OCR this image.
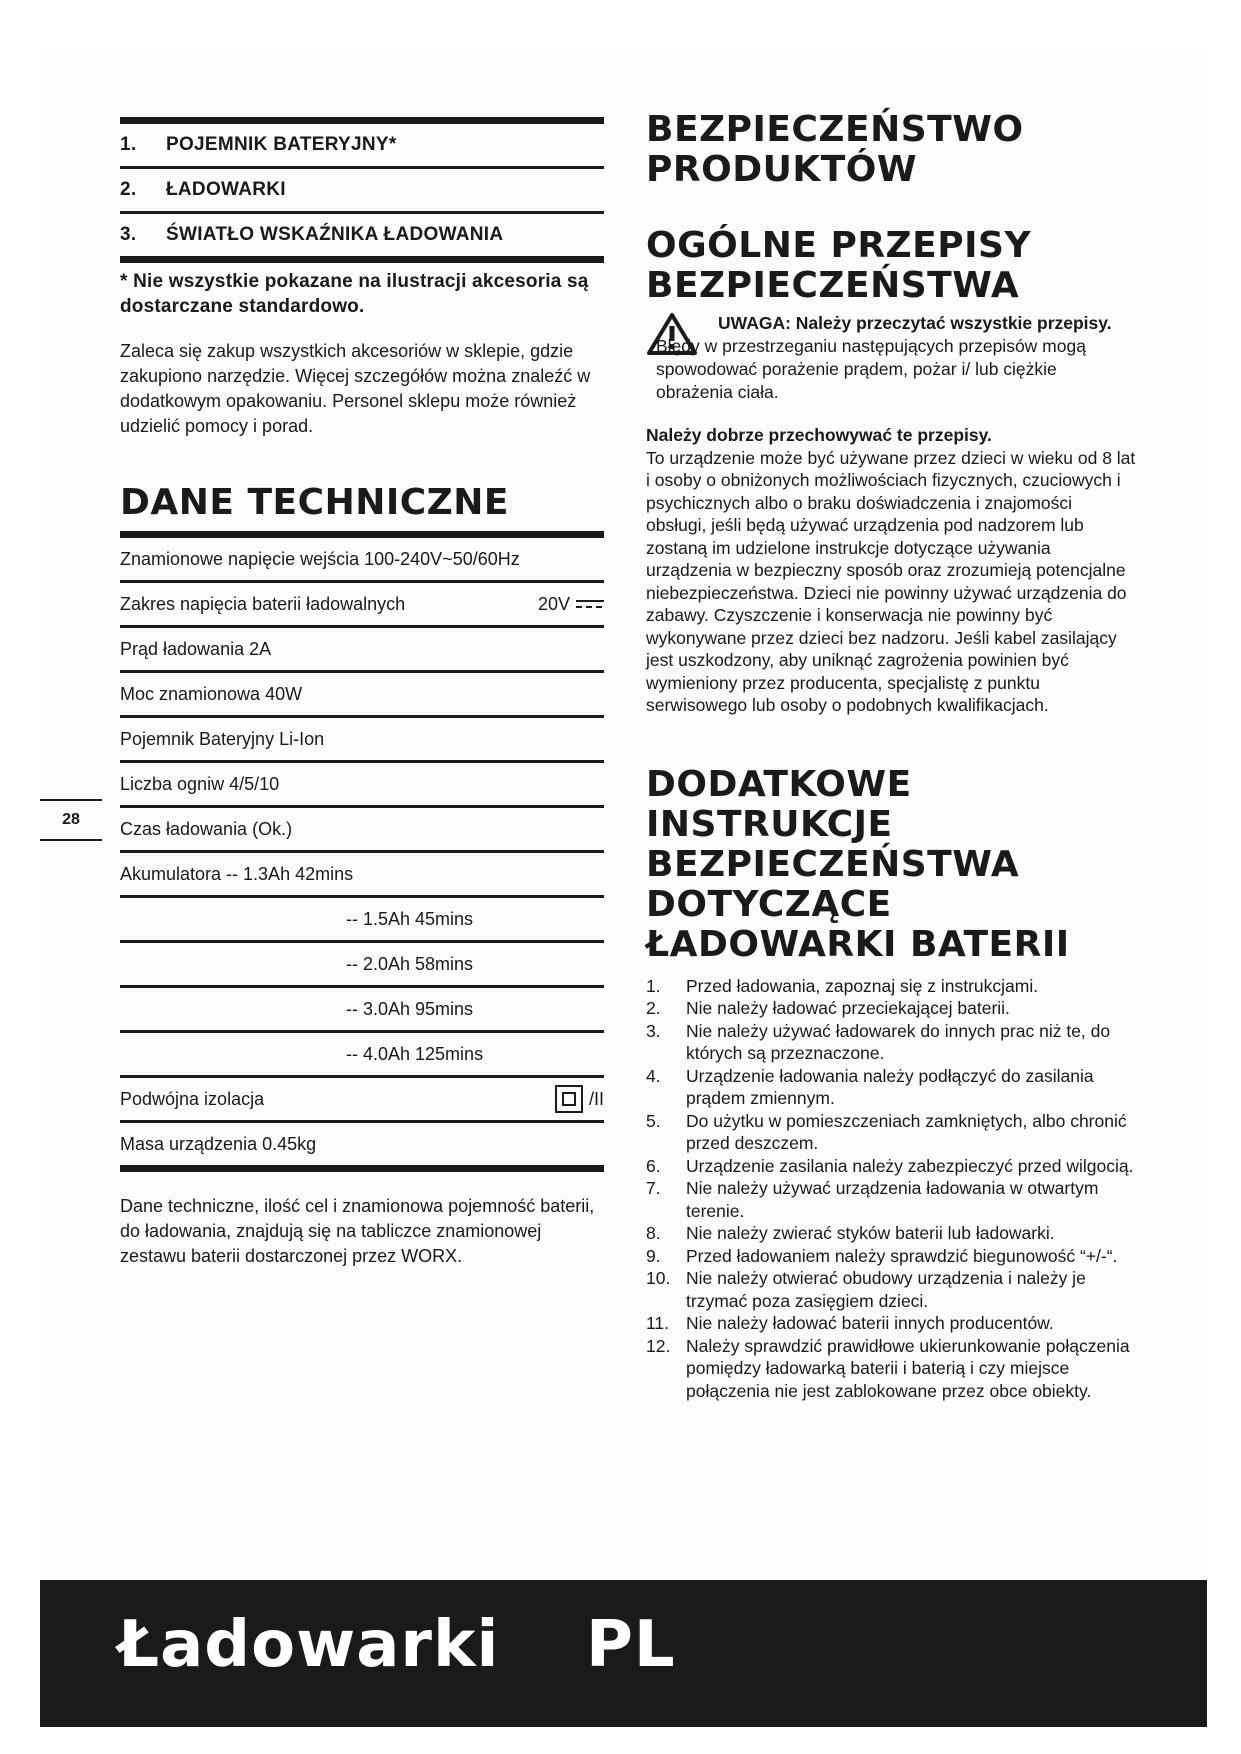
1.	POJEMNIK BATERYJNY*
2.	ŁADOWARKI
3.	ŚWIATŁO WSKAŹNIKA ŁADOWANIA
* Nie wszystkie pokazane na ilustracji akcesoria są dostarczane standardowo.
Zaleca się zakup wszystkich akcesoriów w sklepie, gdzie zakupiono narzędzie. Więcej szczegółów można znaleźć w dodatkowym opakowaniu. Personel sklepu może również udzielić pomocy i porad.
DANE TECHNICZNE
Znamionowe napięcie wejścia 100-240V~50/60Hz
Zakres napięcia baterii ładowalnych	20V
Prąd ładowania 2A
Moc znamionowa 40W
Pojemnik Bateryjny Li-Ion
Liczba ogniw 4/5/10
Czas ładowania (Ok.)
Akumulatora -- 1.3Ah 42mins
-- 1.5Ah 45mins
-- 2.0Ah 58mins
-- 3.0Ah 95mins
-- 4.0Ah 125mins
Podwójna izolacja	/II
Masa urządzenia 0.45kg
Dane techniczne, ilość cel i znamionowa pojemność baterii, do ładowania, znajdują się na tabliczce znamionowej zestawu baterii dostarczonej przez WORX.
28
BEZPIECZEŃSTWO
PRODUKTÓW
OGÓLNE PRZEPISY
BEZPIECZEŃSTWA
UWAGA: Należy przeczytać wszystkie przepisy. Błędy w przestrzeganiu następujących przepisów mogą spowodować porażenie prądem, pożar i/ lub ciężkie obrażenia ciała.
Należy dobrze przechowywać te przepisy.
To urządzenie może być używane przez dzieci w wieku od 8 lat i osoby o obniżonych możliwościach fizycznych, czuciowych i psychicznych albo o braku doświadczenia i znajomości obsługi, jeśli będą używać urządzenia pod nadzorem lub zostaną im udzielone instrukcje dotyczące używania urządzenia w bezpieczny sposób oraz zrozumieją potencjalne niebezpieczeństwa. Dzieci nie powinny używać urządzenia do zabawy. Czyszczenie i konserwacja nie powinny być wykonywane przez dzieci bez nadzoru. Jeśli kabel zasilający jest uszkodzony, aby uniknąć zagrożenia powinien być wymieniony przez producenta, specjalistę z punktu serwisowego lub osoby o podobnych kwalifikacjach.
DODATKOWE
INSTRUKCJE
BEZPIECZEŃSTWA
DOTYCZĄCE
ŁADOWARKI BATERII
1.	Przed ładowania, zapoznaj się z instrukcjami.
2.	Nie należy ładować przeciekającej baterii.
3.	Nie należy używać ładowarek do innych prac niż te, do których są przeznaczone.
4.	Urządzenie ładowania należy podłączyć do zasilania prądem zmiennym.
5.	Do użytku w pomieszczeniach zamkniętych, albo chronić przed deszczem.
6.	Urządzenie zasilania należy zabezpieczyć przed wilgocią.
7.	Nie należy używać urządzenia ładowania w otwartym terenie.
8.	Nie należy zwierać styków baterii lub ładowarki.
9.	Przed ładowaniem należy sprawdzić biegunowość “+/-“.
10. Nie należy otwierać obudowy urządzenia i należy je trzymać poza zasięgiem dzieci.
11. Nie należy ładować baterii innych producentów.
12. Należy sprawdzić prawidłowe ukierunkowanie połączenia pomiędzy ładowarką baterii i baterią i czy miejsce połączenia nie jest zablokowane przez obce obiekty.
Ładowarki PL
